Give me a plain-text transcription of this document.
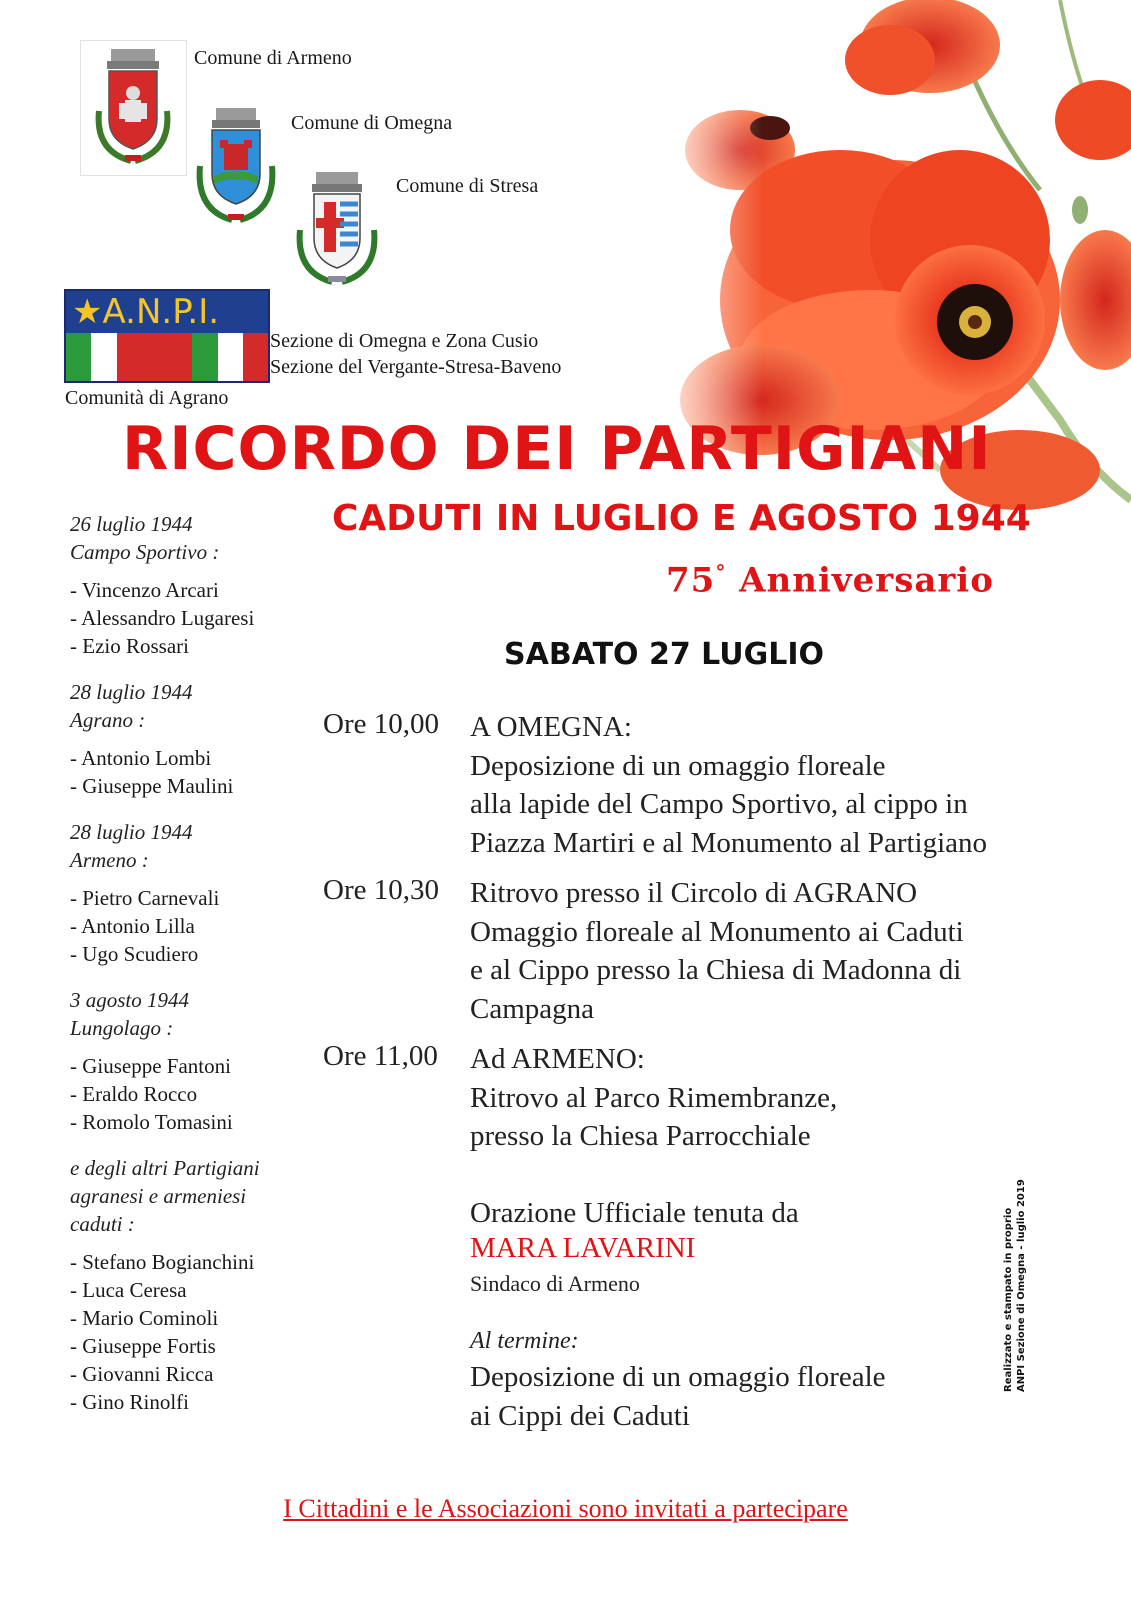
Comune di Armeno
Comune di Omegna
Comune di Stresa
★A.N.P.I.
Sezione di Omegna e Zona Cusio
Sezione del Vergante-Stresa-Baveno
Comunità di Agrano
RICORDO DEI PARTIGIANI
CADUTI IN LUGLIO E AGOSTO 1944
75° Anniversario
SABATO 27 LUGLIO
26 luglio 1944
Campo Sportivo :
- Vincenzo Arcari
- Alessandro Lugaresi
- Ezio Rossari
28 luglio 1944
Agrano :
- Antonio Lombi
- Giuseppe Maulini
28 luglio 1944
Armeno :
- Pietro Carnevali
- Antonio Lilla
- Ugo Scudiero
3 agosto 1944
Lungolago :
- Giuseppe Fantoni
- Eraldo Rocco
- Romolo Tomasini
e degli altri Partigiani
agranesi e armeniesi
caduti :
- Stefano Bogianchini
- Luca Ceresa
- Mario Cominoli
- Giuseppe Fortis
- Giovanni Ricca
- Gino Rinolfi
Ore 10,00 A OMEGNA:
Deposizione di un omaggio floreale
alla lapide del Campo Sportivo, al cippo in
Piazza Martiri e al Monumento al Partigiano
Ore 10,30 Ritrovo presso il Circolo di AGRANO
Omaggio floreale al Monumento ai Caduti
e al Cippo presso la Chiesa di Madonna di
Campagna
Ore 11,00 Ad ARMENO:
Ritrovo al Parco Rimembranze,
presso la Chiesa Parrocchiale
Orazione Ufficiale tenuta da
MARA LAVARINI
Sindaco di Armeno
Al termine:
Deposizione di un omaggio floreale
ai Cippi dei Caduti
I Cittadini e le Associazioni sono invitati a partecipare
Realizzato e stampato in proprio ANPI Sezione di Omegna - luglio 2019
